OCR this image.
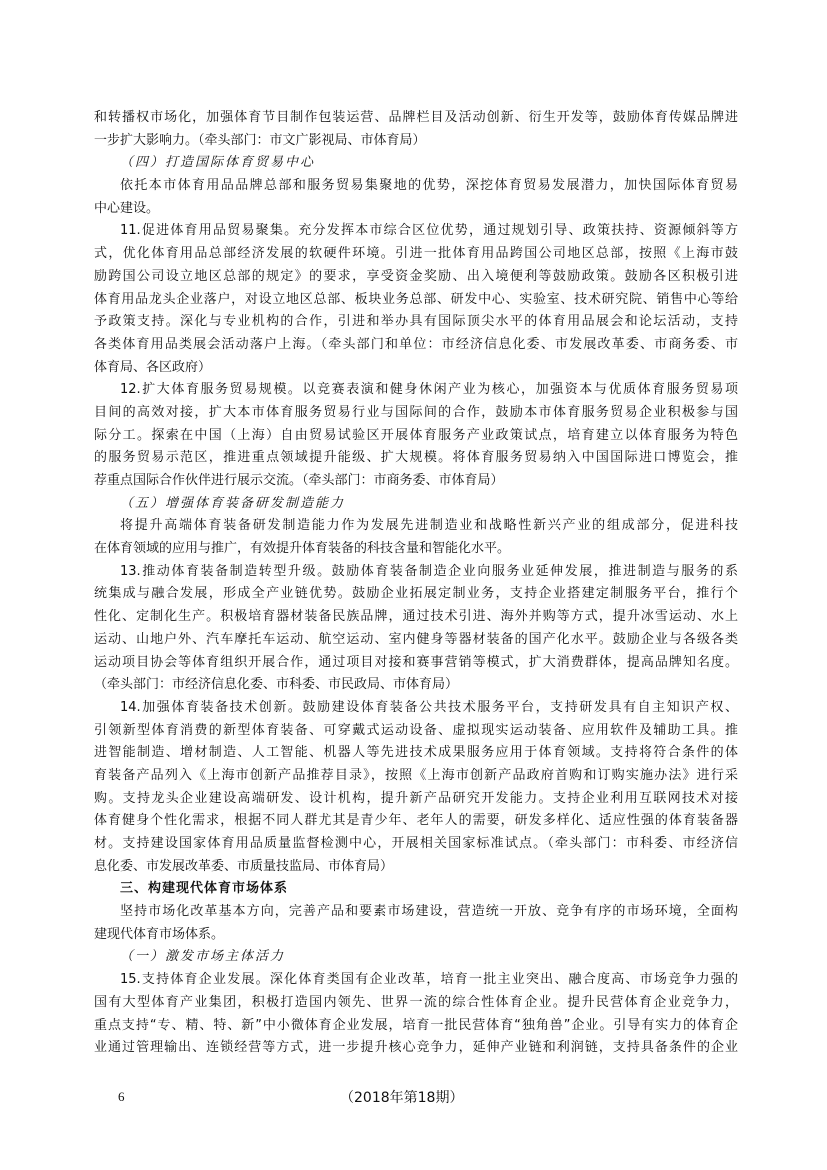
和转播权市场化，加强体育节目制作包装运营、品牌栏目及活动创新、衍生开发等，鼓励体育传媒品牌进
一步扩大影响力。（牵头部门：市文广影视局、市体育局）
（四）打造国际体育贸易中心
依托本市体育用品品牌总部和服务贸易集聚地的优势，深挖体育贸易发展潜力，加快国际体育贸易
中心建设。
11.促进体育用品贸易聚集。充分发挥本市综合区位优势，通过规划引导、政策扶持、资源倾斜等方
式，优化体育用品总部经济发展的软硬件环境。引进一批体育用品跨国公司地区总部，按照《上海市鼓
励跨国公司设立地区总部的规定》的要求，享受资金奖励、出入境便利等鼓励政策。鼓励各区积极引进
体育用品龙头企业落户，对设立地区总部、板块业务总部、研发中心、实验室、技术研究院、销售中心等给
予政策支持。深化与专业机构的合作，引进和举办具有国际顶尖水平的体育用品展会和论坛活动，支持
各类体育用品类展会活动落户上海。（牵头部门和单位：市经济信息化委、市发展改革委、市商务委、市
体育局、各区政府）
12.扩大体育服务贸易规模。以竞赛表演和健身休闲产业为核心，加强资本与优质体育服务贸易项
目间的高效对接，扩大本市体育服务贸易行业与国际间的合作，鼓励本市体育服务贸易企业积极参与国
际分工。探索在中国（上海）自由贸易试验区开展体育服务产业政策试点，培育建立以体育服务为特色
的服务贸易示范区，推进重点领域提升能级、扩大规模。将体育服务贸易纳入中国国际进口博览会，推
荐重点国际合作伙伴进行展示交流。（牵头部门：市商务委、市体育局）
（五）增强体育装备研发制造能力
将提升高端体育装备研发制造能力作为发展先进制造业和战略性新兴产业的组成部分，促进科技
在体育领域的应用与推广，有效提升体育装备的科技含量和智能化水平。
13.推动体育装备制造转型升级。鼓励体育装备制造企业向服务业延伸发展，推进制造与服务的系
统集成与融合发展，形成全产业链优势。鼓励企业拓展定制业务，支持企业搭建定制服务平台，推行个
性化、定制化生产。积极培育器材装备民族品牌，通过技术引进、海外并购等方式，提升冰雪运动、水上
运动、山地户外、汽车摩托车运动、航空运动、室内健身等器材装备的国产化水平。鼓励企业与各级各类
运动项目协会等体育组织开展合作，通过项目对接和赛事营销等模式，扩大消费群体，提高品牌知名度。
（牵头部门：市经济信息化委、市科委、市民政局、市体育局）
14.加强体育装备技术创新。鼓励建设体育装备公共技术服务平台，支持研发具有自主知识产权、
引领新型体育消费的新型体育装备、可穿戴式运动设备、虚拟现实运动装备、应用软件及辅助工具。推
进智能制造、增材制造、人工智能、机器人等先进技术成果服务应用于体育领域。支持将符合条件的体
育装备产品列入《上海市创新产品推荐目录》，按照《上海市创新产品政府首购和订购实施办法》进行采
购。支持龙头企业建设高端研发、设计机构，提升新产品研究开发能力。支持企业利用互联网技术对接
体育健身个性化需求，根据不同人群尤其是青少年、老年人的需要，研发多样化、适应性强的体育装备器
材。支持建设国家体育用品质量监督检测中心，开展相关国家标准试点。（牵头部门：市科委、市经济信
息化委、市发展改革委、市质量技监局、市体育局）
三、构建现代体育市场体系
坚持市场化改革基本方向，完善产品和要素市场建设，营造统一开放、竞争有序的市场环境，全面构
建现代体育市场体系。
（一）激发市场主体活力
15.支持体育企业发展。深化体育类国有企业改革，培育一批主业突出、融合度高、市场竞争力强的
国有大型体育产业集团，积极打造国内领先、世界一流的综合性体育企业。提升民营体育企业竞争力，
重点支持“专、精、特、新”中小微体育企业发展，培育一批民营体育“独角兽”企业。引导有实力的体育企
业通过管理输出、连锁经营等方式，进一步提升核心竞争力，延伸产业链和利润链，支持具备条件的企业
6	（2018年第18期）
